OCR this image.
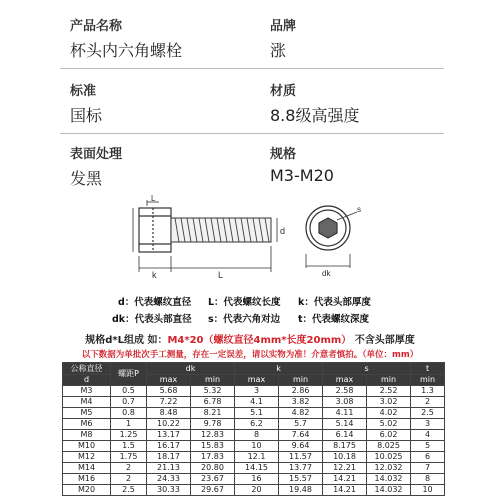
产品名称
杯头内六角螺栓
品牌
涨
标准
国标
材质
8.8级高强度
表面处理
发黑
规格
M3-M20
L
k	L
d
s
dk
d：代表螺纹直径 L：代表螺纹长度 k：代表头部厚度
dk：代表头部直径 s：代表六角对边 t：代表螺纹深度
规格d*L组成 如：M4*20（螺纹直径4mm*长度20mm） 不含头部厚度
以下数据为单批次手工测量，存在一定误差，请以实物为准！介意者慎拍。（单位：mm）
公称直径	螺距P	dk		k		s		t
d		max	min	max	min	max	min	min
M3	0.5	5.68	5.32	3	2.86	2.58	2.52	1.3
M4	0.7	7.22	6.78	4.1	3.82	3.08	3.02	2
M5	0.8	8.48	8.21	5.1	4.82	4.11	4.02	2.5
M6	1	10.22	9.78	6.2	5.7	5.14	5.02	3
M8	1.25	13.17	12.83	8	7.64	6.14	6.02	4
M10	1.5	16.17	15.83	10	9.64	8.175	8.025	5
M12	1.75	18.17	17.83	12.1	11.57	10.18	10.025	6
M14	2	21.13	20.80	14.15	13.77	12.21	12.032	7
M16	2	24.33	23.67	16	15.57	14.21	14.032	8
M20	2.5	30.33	29.67	20	19.48	14.21	14.032	10
